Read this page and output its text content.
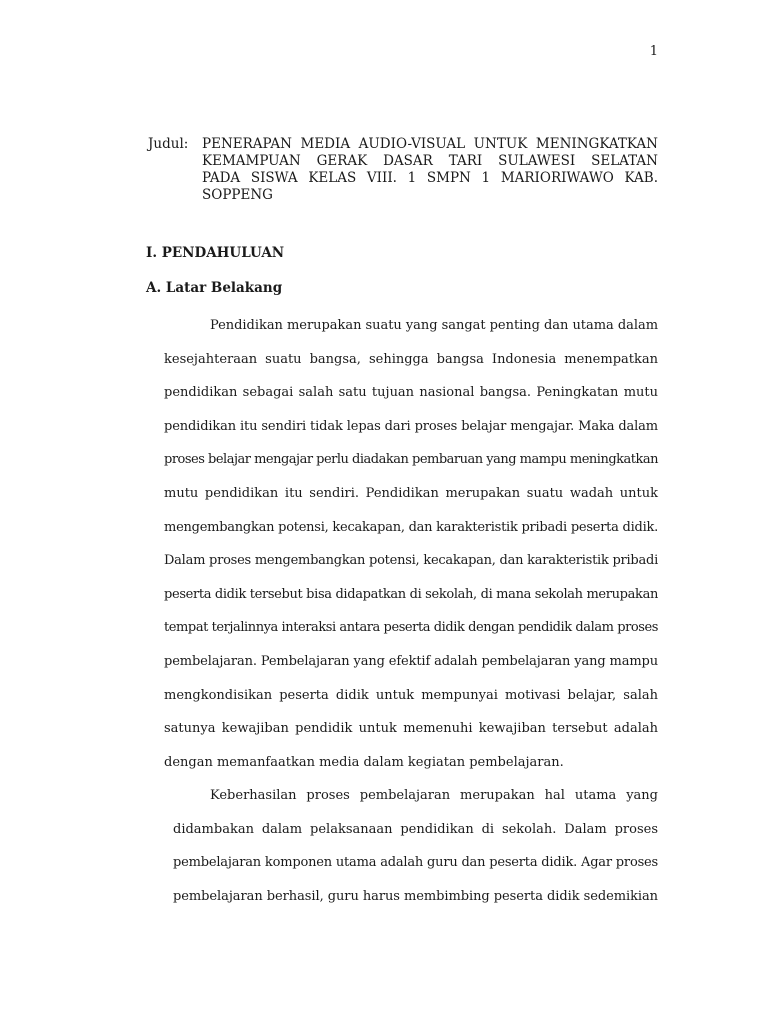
1
Judul:	PENERAPAN MEDIA AUDIO-VISUAL UNTUK MENINGKATKAN
KEMAMPUAN GERAK DASAR TARI SULAWESI SELATAN
PADA SISWA KELAS VIII. 1 SMPN 1 MARIORIWAWO KAB.
SOPPENG
I. PENDAHULUAN
A. Latar Belakang
Pendidikan merupakan suatu yang sangat penting dan utama dalam
kesejahteraan suatu bangsa, sehingga bangsa Indonesia menempatkan
pendidikan sebagai salah satu tujuan nasional bangsa. Peningkatan mutu
pendidikan itu sendiri tidak lepas dari proses belajar mengajar. Maka dalam
proses belajar mengajar perlu diadakan pembaruan yang mampu meningkatkan
mutu pendidikan itu sendiri. Pendidikan merupakan suatu wadah untuk
mengembangkan potensi, kecakapan, dan karakteristik pribadi peserta didik.
Dalam proses mengembangkan potensi, kecakapan, dan karakteristik pribadi
peserta didik tersebut bisa didapatkan di sekolah, di mana sekolah merupakan
tempat terjalinnya interaksi antara peserta didik dengan pendidik dalam proses
pembelajaran. Pembelajaran yang efektif adalah pembelajaran yang mampu
mengkondisikan peserta didik untuk mempunyai motivasi belajar, salah
satunya kewajiban pendidik untuk memenuhi kewajiban tersebut adalah
dengan memanfaatkan media dalam kegiatan pembelajaran.
Keberhasilan proses pembelajaran merupakan hal utama yang
didambakan dalam pelaksanaan pendidikan di sekolah. Dalam proses
pembelajaran komponen utama adalah guru dan peserta didik. Agar proses
pembelajaran berhasil, guru harus membimbing peserta didik sedemikian
